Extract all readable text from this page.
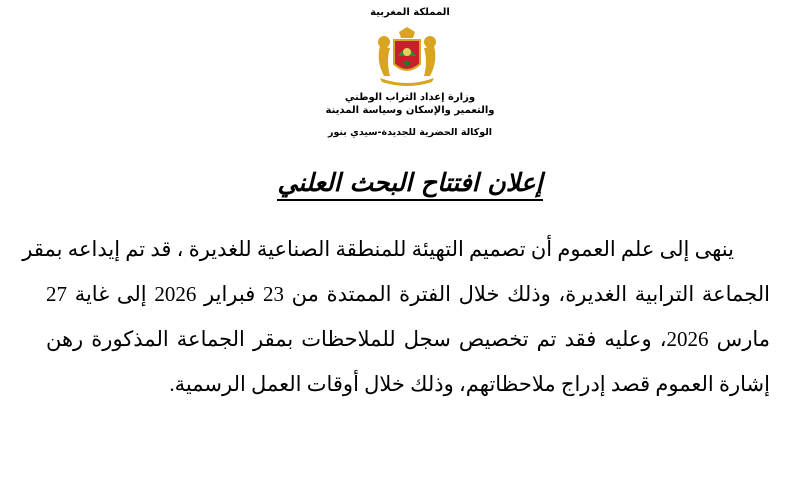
المملكة المغربية
وزارة إعداد التراب الوطني
والتعمير والإسكان وسياسة المدينة
الوكالة الحضرية للجديدة-سيدي بنور
إعلان افتتاح البحث العلني
ينهى إلى علم العموم أن تصميم التهيئة للمنطقة الصناعية للغديرة ، قد تم إيداعه بمقر
الجماعة الترابية الغديرة، وذلك خلال الفترة الممتدة من 23 فبراير 2026 إلى غاية 27
مارس 2026، وعليه فقد تم تخصيص سجل للملاحظات بمقر الجماعة المذكورة رهن
إشارة العموم قصد إدراج ملاحظاتهم، وذلك خلال أوقات العمل الرسمية.
